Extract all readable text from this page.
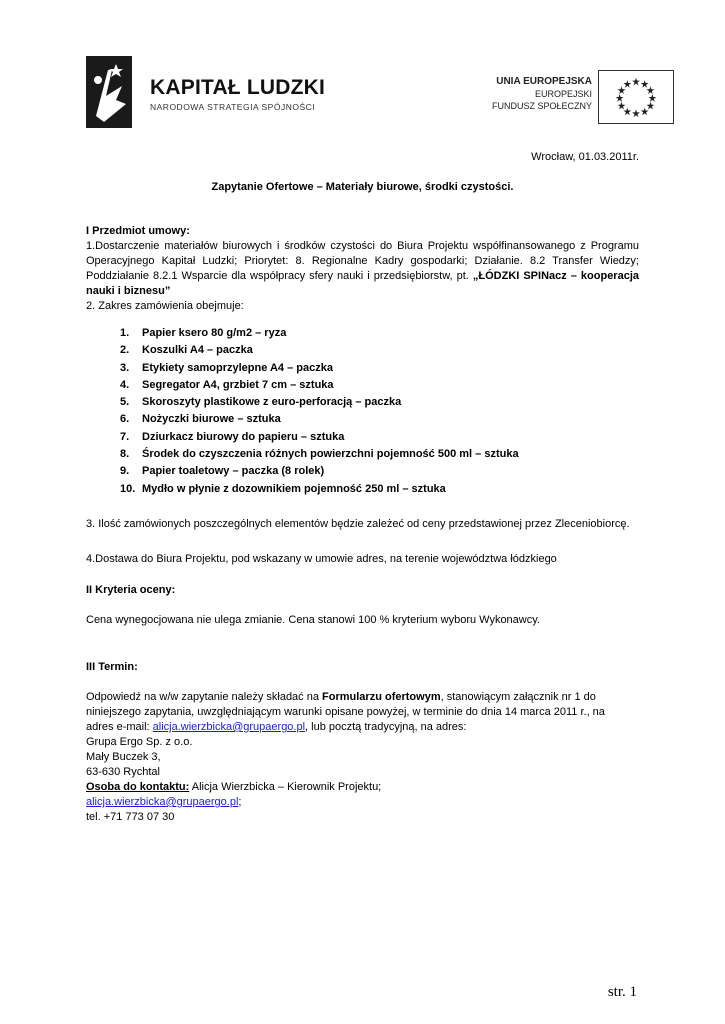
KAPITAŁ LUDZKI
NARODOWA STRATEGIA SPÓJNOŚCI
UNIA EUROPEJSKA
EUROPEJSKI
FUNDUSZ SPOŁECZNY
Wrocław, 01.03.2011r.
Zapytanie Ofertowe – Materiały biurowe, środki czystości.
I Przedmiot umowy:
1.Dostarczenie materiałów biurowych i środków czystości do Biura Projektu współfinansowanego z Programu Operacyjnego Kapitał Ludzki; Priorytet: 8. Regionalne Kadry gospodarki; Działanie. 8.2 Transfer Wiedzy; Poddziałanie 8.2.1 Wsparcie dla współpracy sfery nauki i przedsiębiorstw, pt. „ŁÓDZKI SPINacz – kooperacja nauki i biznesu”
2. Zakres zamówienia obejmuje:
1. Papier ksero 80 g/m2 – ryza
2. Koszulki A4 – paczka
3. Etykiety samoprzylepne A4 – paczka
4. Segregator A4, grzbiet 7 cm – sztuka
5. Skoroszyty plastikowe z euro-perforacją – paczka
6. Nożyczki biurowe – sztuka
7. Dziurkacz biurowy do papieru – sztuka
8. Środek do czyszczenia różnych powierzchni pojemność 500 ml – sztuka
9. Papier toaletowy – paczka (8 rolek)
10. Mydło w płynie z dozownikiem pojemność 250 ml – sztuka
3. Ilość zamówionych poszczególnych elementów będzie zależeć od ceny przedstawionej przez Zleceniobiorcę.
4.Dostawa do Biura Projektu, pod wskazany w umowie adres, na terenie województwa łódzkiego
II Kryteria oceny:
Cena wynegocjowana nie ulega zmianie. Cena stanowi 100 % kryterium wyboru Wykonawcy.
III Termin:
Odpowiedź na w/w zapytanie należy składać na Formularzu ofertowym, stanowiącym załącznik nr 1 do niniejszego zapytania, uwzględniającym warunki opisane powyżej, w terminie do dnia 14 marca 2011 r., na adres e-mail: alicja.wierzbicka@grupaergo.pl, lub pocztą tradycyjną, na adres:
Grupa Ergo Sp. z o.o.
Mały Buczek 3,
63-630 Rychtal
Osoba do kontaktu: Alicja Wierzbicka – Kierownik Projektu;
alicja.wierzbicka@grupaergo.pl;
tel. +71 773 07 30
str. 1
